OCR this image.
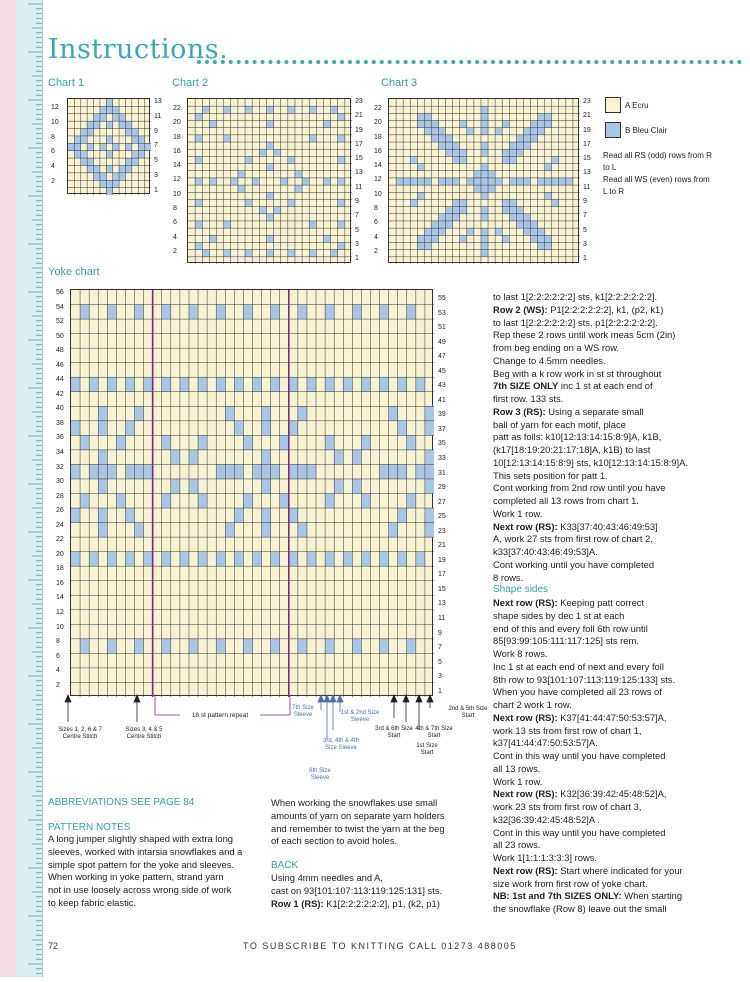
Instructions.
Chart 1
13
11
9
7
5
3
1
12
10
8
6
4
2
Chart 2
23
21
19
17
15
13
11
9
7
5
3
1
22
20
18
16
14
12
10
8
6
4
2
Chart 3
23
21
19
17
15
13
11
9
7
5
3
1
22
20
18
16
14
12
10
8
6
4
2
A Ecru
B Bleu Clair
Read all RS (odd) rows from R to L
Read all WS (even) rows from L to R
Yoke chart
55
53
51
49
47
45
43
41
39
37
35
33
31
29
27
25
23
21
19
17
15
13
11
9
7
5
3
1
56
54
52
50
48
46
44
42
40
38
36
34
32
30
28
26
24
22
20
18
16
14
12
10
8
6
4
2
Sizes 1, 2, 6 & 7 Centre Stitch
Sizes 3, 4 & 5 Centre Stitch
18 st pattern repeat
7th Size Sleeve	1st & 2nd Size Sleeve
3rd, 4th & 4th Size Sleeve
6th Size Sleeve
3rd & 6th Size Start
4th & 7th Size Start
1st Size Start
2nd & 5th Size Start
ABBREVIATIONS SEE PAGE 84
PATTERN NOTES

A long jumper slightly shaped with extra long

sleeves, worked with intarsia snowflakes and a

simple spot pattern for the yoke and sleeves.

When working in yoke pattern, strand yarn

not in use loosely across wrong side of work

to keep fabric elastic.

When working the snowflakes use small

amounts of yarn on separate yarn holders

and remember to twist the yarn at the beg

of each section to avoid holes.

BACK

Using 4mm needles and A,

cast on 93[101:107:113:119:125:131] sts.

Row 1 (RS): K1[2:2:2:2:2:2], p1, (k2, p1)

to last 1[2:2:2:2:2:2] sts, k1[2:2:2:2:2:2].

Row 2 (WS): P1[2:2:2:2:2:2], k1, (p2, k1)

to last 1[2:2:2:2:2:2] sts, p1[2:2:2:2:2:2].

Rep these 2 rows until work meas 5cm (2in)

from beg ending on a WS row.

Change to 4.5mm needles.

Beg with a k row work in st st throughout

7th SIZE ONLY inc 1 st at each end of

first row. 133 sts.

Row 3 (RS): Using a separate small

ball of yarn for each motif, place

patt as folls: k10[12:13:14:15:8:9]A, k1B,

(k17[18:19:20:21:17:18]A, k1B) to last

10[12:13:14:15:8:9] sts, k10[12:13:14:15:8:9]A.

This sets position for patt 1.

Cont working from 2nd row until you have

completed all 13 rows from chart 1.

Work 1 row.

Next row (RS): K33[37:40:43:46:49:53]

A, work 27 sts from first row of chart 2,

k33[37:40:43:46:49:53]A.

Cont working until you have completed

8 rows.

Shape sides

Next row (RS): Keeping patt correct

shape sides by dec 1 st at each

end of this and every foll 6th row until

85[93:99:105:111:117:125] sts rem.

Work 8 rows.

Inc 1 st at each end of next and every foll

8th row to 93[101:107:113:119:125:133] sts.

When you have completed all 23 rows of

chart 2 work 1 row.

Next row (RS): K37[41:44:47:50:53:57]A,

work 13 sts from first row of chart 1,

k37[41:44:47:50:53:57]A.

Cont in this way until you have completed

all 13 rows.

Work 1 row.

Next row (RS): K32[36:39:42:45:48:52]A,

work 23 sts from first row of chart 3,

k32[36:39:42:45:48:52]A .

Cont in this way until you have completed

all 23 rows.

Work 1[1:1:1:3:3:3] rows.

Next row (RS): Start where indicated for your

size work from first row of yoke chart.

NB: 1st and 7th SIZES ONLY: When starting

the snowflake (Row 8) leave out the small

72	TO SUBSCRIBE TO KNITTING CALL 01273 488005
